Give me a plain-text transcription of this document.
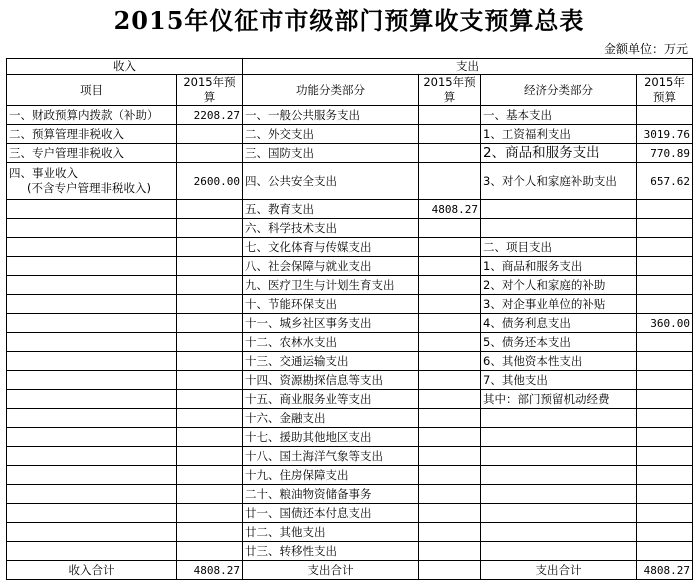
2015年仪征市市级部门预算收支预算总表
金额单位：万元
收入		支出			
项目	2015年预算	功能分类部分	2015年预算	经济分类部分	2015年预算
一、财政预算内拨款（补助）	2208.27	一、一般公共服务支出		一、基本支出	
二、预算管理非税收入		二、外交支出		1、工资福利支出	3019.76
三、专户管理非税收入		三、国防支出		2、商品和服务支出	770.89
四、事业收入
(不含专户管理非税收入)	2600.00	四、公共安全支出		3、对个人和家庭补助支出	657.62
		五、教育支出	4808.27		
		六、科学技术支出			
		七、文化体育与传媒支出		二、项目支出	
		八、社会保障与就业支出		1、商品和服务支出	
		九、医疗卫生与计划生育支出		2、对个人和家庭的补助	
		十、节能环保支出		3、对企事业单位的补贴	
		十一、城乡社区事务支出		4、债务利息支出	360.00
		十二、农林水支出		5、债务还本支出	
		十三、交通运输支出		6、其他资本性支出	
		十四、资源勘探信息等支出		7、其他支出	
		十五、商业服务业等支出		其中：部门预留机动经费	
		十六、金融支出			
		十七、援助其他地区支出			
		十八、国土海洋气象等支出			
		十九、住房保障支出			
		二十、粮油物资储备事务			
		廿一、国债还本付息支出			
		廿二、其他支出			
		廿三、转移性支出			
收入合计	4808.27	支出合计		支出合计	4808.27
